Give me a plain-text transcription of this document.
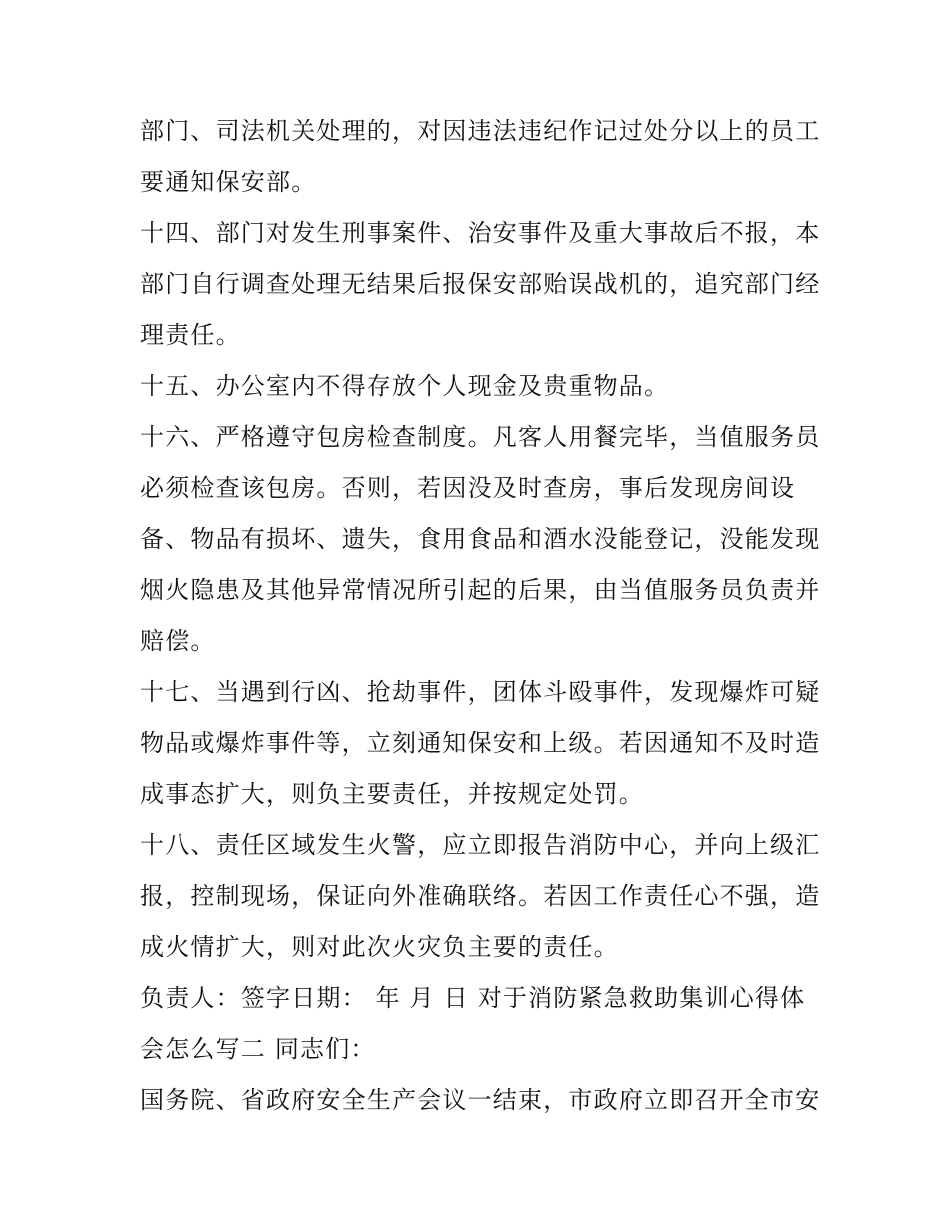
部门、司法机关处理的，对因违法违纪作记过处分以上的员工
要通知保安部。
十四、部门对发生刑事案件、治安事件及重大事故后不报，本
部门自行调查处理无结果后报保安部贻误战机的，追究部门经
理责任。
十五、办公室内不得存放个人现金及贵重物品。
十六、严格遵守包房检查制度。凡客人用餐完毕，当值服务员
必须检查该包房。否则，若因没及时查房，事后发现房间设
备、物品有损坏、遗失，食用食品和酒水没能登记，没能发现
烟火隐患及其他异常情况所引起的后果，由当值服务员负责并
赔偿。
十七、当遇到行凶、抢劫事件，团体斗殴事件，发现爆炸可疑
物品或爆炸事件等，立刻通知保安和上级。若因通知不及时造
成事态扩大，则负主要责任，并按规定处罚。
十八、责任区域发生火警，应立即报告消防中心，并向上级汇
报，控制现场，保证向外准确联络。若因工作责任心不强，造
成火情扩大，则对此次火灾负主要的责任。
负责人：签字日期： 年 月 日 对于消防紧急救助集训心得体
会怎么写二 同志们：
国务院、省政府安全生产会议一结束，市政府立即召开全市安
